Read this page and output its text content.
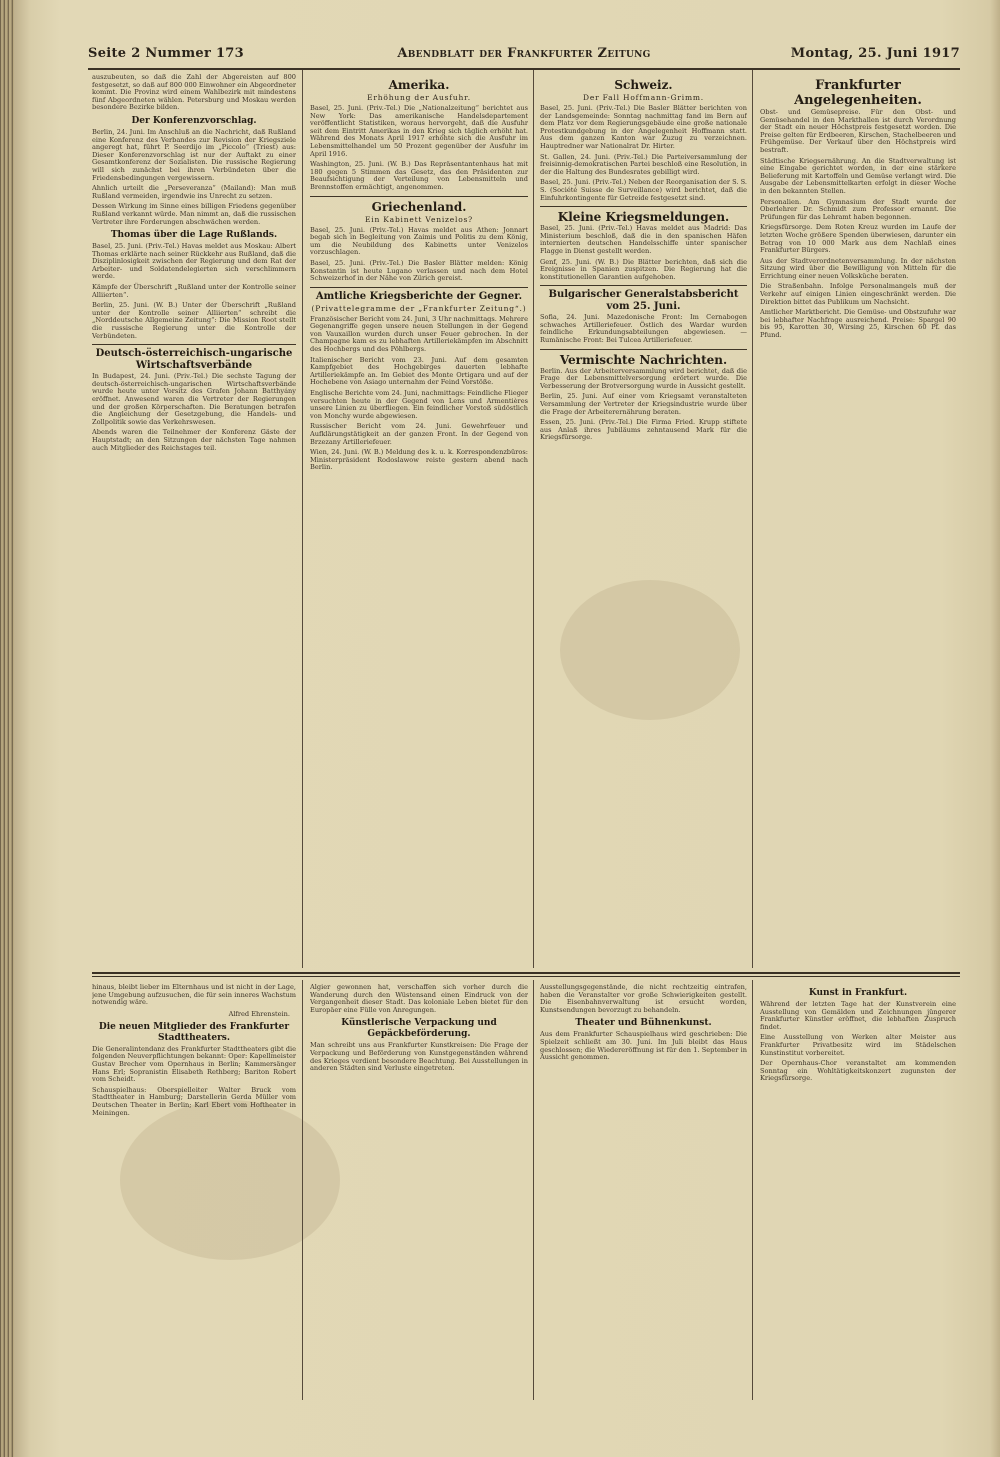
Seite 2 Nummer 173	Abendblatt der Frankfurter Zeitung	Montag, 25. Juni 1917

auszubeuten, so daß die Zahl der Abgereisten auf 800 festgesetzt, so daß auf 800 000 Einwohner ein Abgeordneter kommt. Die Provinz wird einem Wahlbezirk mit mindestens fünf Abgeordneten wählen. Petersburg und Moskau werden besondere Bezirke bilden.

Der Konferenzvorschlag.

Berlin, 24. Juni. Im Anschluß an die Nachricht, daß Rußland eine Konferenz des Verbandes zur Revision der Kriegsziele angeregt hat, führt P. Seerdijo im „Piccolo“ (Triest) aus: Dieser Konferenzvorschlag ist nur der Auftakt zu einer Gesamtkonferenz der Sozialisten. Die russische Regierung will sich zunächst bei ihren Verbündeten über die Friedensbedingungen vergewissern.

Ahnlich urteilt die „Perseveranza“ (Mailand): Man muß Rußland vermeiden, irgendwie ins Unrecht zu setzen.

Dessen Wirkung im Sinne eines billigen Friedens gegenüber Rußland verkannt würde. Man nimmt an, daß die russischen Vertreter ihre Forderungen abschwächen werden.

Thomas über die Lage Rußlands.

Basel, 25. Juni. (Priv.-Tel.) Havas meldet aus Moskau: Albert Thomas erklärte nach seiner Rückkehr aus Rußland, daß die Disziplinlosigkeit zwischen der Regierung und dem Rat der Arbeiter- und Soldatendelegierten sich verschlimmern werde.

Kämpfe der Überschrift „Rußland unter der Kontrolle seiner Alliierten“.

Berlin, 25. Juni. (W. B.) Unter der Überschrift „Rußland unter der Kontrolle seiner Alliierten“ schreibt die „Norddeutsche Allgemeine Zeitung“: Die Mission Root stellt die russische Regierung unter die Kontrolle der Verbündeten.

Deutsch-österreichisch-ungarische Wirtschaftsverbände

In Budapest, 24. Juni. (Priv.-Tel.) Die sechste Tagung der deutsch-österreichisch-ungarischen Wirtschaftsverbände wurde heute unter Vorsitz des Grafen Johann Batthyány eröffnet. Anwesend waren die Vertreter der Regierungen und der großen Körperschaften. Die Beratungen betrafen die Angleichung der Gesetzgebung, die Handels- und Zollpolitik sowie das Verkehrswesen.

Abends waren die Teilnehmer der Konferenz Gäste der Hauptstadt; an den Sitzungen der nächsten Tage nahmen auch Mitglieder des Reichstages teil.

Amerika.
Erhöhung der Ausfuhr.

Basel, 25. Juni. (Priv.-Tel.) Die „Nationalzeitung“ berichtet aus New York: Das amerikanische Handelsdepartement veröffentlicht Statistiken, woraus hervorgeht, daß die Ausfuhr seit dem Eintritt Amerikas in den Krieg sich täglich erhöht hat. Während des Monats April 1917 erhöhte sich die Ausfuhr im Lebensmittelhandel um 50 Prozent gegenüber der Ausfuhr im April 1916.

Washington, 25. Juni. (W. B.) Das Repräsentantenhaus hat mit 180 gegen 5 Stimmen das Gesetz, das den Präsidenten zur Beaufsichtigung der Verteilung von Lebensmitteln und Brennstoffen ermächtigt, angenommen.

Griechenland.
Ein Kabinett Venizelos?

Basel, 25. Juni. (Priv.-Tel.) Havas meldet aus Athen: Jonnart begab sich in Begleitung von Zaimis und Politis zu dem König, um die Neubildung des Kabinetts unter Venizelos vorzuschlagen.

Basel, 25. Juni. (Priv.-Tel.) Die Basler Blätter melden: König Konstantin ist heute Lugano verlassen und nach dem Hotel Schweizerhof in der Nähe von Zürich gereist.

Amtliche Kriegsberichte der Gegner.
(Privattelegramme der „Frankfurter Zeitung“.)

Französischer Bericht vom 24. Juni, 3 Uhr nachmittags. Mehrere Gegenangriffe gegen unsere neuen Stellungen in der Gegend von Vauxaillon wurden durch unser Feuer gebrochen. In der Champagne kam es zu lebhaften Artilleriekämpfen im Abschnitt des Hochbergs und des Pöhlbergs.

Italienischer Bericht vom 23. Juni. Auf dem gesamten Kampfgebiet des Hochgebirges dauerten lebhafte Artilleriekämpfe an. Im Gebiet des Monte Ortigara und auf der Hochebene von Asiago unternahm der Feind Vorstöße.

Englische Berichte vom 24. Juni, nachmittags: Feindliche Flieger versuchten heute in der Gegend von Lens und Armentières unsere Linien zu überfliegen. Ein feindlicher Vorstoß südöstlich von Monchy wurde abgewiesen.

Russischer Bericht vom 24. Juni. Gewehrfeuer und Aufklärungstätigkeit an der ganzen Front. In der Gegend von Brzezany Artilleriefeuer.

Wien, 24. Juni. (W. B.) Meldung des k. u. k. Korrespondenzbüros: Ministerpräsident Rodoslawow reiste gestern abend nach Berlin.

Schweiz.
Der Fall Hoffmann-Grimm.

Basel, 25. Juni. (Priv.-Tel.) Die Basler Blätter berichten von der Landsgemeinde: Sonntag nachmittag fand im Bern auf dem Platz vor dem Regierungsgebäude eine große nationale Protestkundgebung in der Angelegenheit Hoffmann statt. Aus dem ganzen Kanton war Zuzug zu verzeichnen. Hauptredner war Nationalrat Dr. Hirter.

St. Gallen, 24. Juni. (Priv.-Tel.) Die Parteiversammlung der freisinnig-demokratischen Partei beschloß eine Resolution, in der die Haltung des Bundesrates gebilligt wird.

Basel, 25. Juni. (Priv.-Tel.) Neben der Reorganisation der S. S. S. (Société Suisse de Surveillance) wird berichtet, daß die Einfuhrkontingente für Getreide festgesetzt sind.

Kleine Kriegsmeldungen.

Basel, 25. Juni. (Priv.-Tel.) Havas meldet aus Madrid: Das Ministerium beschloß, daß die in den spanischen Häfen internierten deutschen Handelsschiffe unter spanischer Flagge in Dienst gestellt werden.

Genf, 25. Juni. (W. B.) Die Blätter berichten, daß sich die Ereignisse in Spanien zuspitzen. Die Regierung hat die konstitutionellen Garantien aufgehoben.

Bulgarischer Generalstabsbericht vom 25. Juni.

Sofia, 24. Juni. Mazedonische Front: Im Cernabogen schwaches Artilleriefeuer. Östlich des Wardar wurden feindliche Erkundungsabteilungen abgewiesen. — Rumänische Front: Bei Tulcea Artilleriefeuer.

Vermischte Nachrichten.

Berlin. Aus der Arbeiterversammlung wird berichtet, daß die Frage der Lebensmittelversorgung erörtert wurde. Die Verbesserung der Brotversorgung wurde in Aussicht gestellt.

Berlin, 25. Juni. Auf einer vom Kriegsamt veranstalteten Versammlung der Vertreter der Kriegsindustrie wurde über die Frage der Arbeiterernährung beraten.

Essen, 25. Juni. (Priv.-Tel.) Die Firma Fried. Krupp stiftete aus Anlaß ihres Jubiläums zehntausend Mark für die Kriegsfürsorge.

Frankfurter Angelegenheiten.

Obst- und Gemüsepreise. Für den Obst- und Gemüsehandel in den Markthallen ist durch Verordnung der Stadt ein neuer Höchstpreis festgesetzt worden. Die Preise gelten für Erdbeeren, Kirschen, Stachelbeeren und Frühgemüse. Der Verkauf über den Höchstpreis wird bestraft.

Städtische Kriegsernährung. An die Stadtverwaltung ist eine Eingabe gerichtet worden, in der eine stärkere Belieferung mit Kartoffeln und Gemüse verlangt wird. Die Ausgabe der Lebensmittelkarten erfolgt in dieser Woche in den bekannten Stellen.

Personalien. Am Gymnasium der Stadt wurde der Oberlehrer Dr. Schmidt zum Professor ernannt. Die Prüfungen für das Lehramt haben begonnen.

Kriegsfürsorge. Dem Roten Kreuz wurden im Laufe der letzten Woche größere Spenden überwiesen, darunter ein Betrag von 10 000 Mark aus dem Nachlaß eines Frankfurter Bürgers.

Aus der Stadtverordnetenversammlung. In der nächsten Sitzung wird über die Bewilligung von Mitteln für die Errichtung einer neuen Volksküche beraten.

Die Straßenbahn. Infolge Personalmangels muß der Verkehr auf einigen Linien eingeschränkt werden. Die Direktion bittet das Publikum um Nachsicht.

Amtlicher Marktbericht. Die Gemüse- und Obstzufuhr war bei lebhafter Nachfrage ausreichend. Preise: Spargel 90 bis 95, Karotten 30, Wirsing 25, Kirschen 60 Pf. das Pfund.

hinaus, bleibt lieber im Elternhaus und ist nicht in der Lage, jene Umgebung aufzusuchen, die für sein inneres Wachstum notwendig wäre.

Alfred Ehrenstein.
Die neuen Mitglieder des Frankfurter Stadttheaters.

Die Generalintendanz des Frankfurter Stadttheaters gibt die folgenden Neuverpflichtungen bekannt: Oper: Kapellmeister Gustav Brecher vom Opernhaus in Berlin; Kammersänger Hans Erl; Sopranistin Elisabeth Rethberg; Bariton Robert vom Scheidt.

Schauspielhaus: Oberspielleiter Walter Bruck vom Stadttheater in Hamburg; Darstellerin Gerda Müller vom Deutschen Theater in Berlin; Karl Ebert vom Hoftheater in Meiningen.

Algier gewonnen hat, verschaffen sich vorher durch die Wanderung durch den Wüstensand einen Eindruck von der Vergangenheit dieser Stadt. Das koloniale Leben bietet für den Europäer eine Fülle von Anregungen.

Künstlerische Verpackung und Gepäckbeförderung.

Man schreibt uns aus Frankfurter Kunstkreisen: Die Frage der Verpackung und Beförderung von Kunstgegenständen während des Krieges verdient besondere Beachtung. Bei Ausstellungen in anderen Städten sind Verluste eingetreten.

Ausstellungsgegenstände, die nicht rechtzeitig eintrafen, haben die Veranstalter vor große Schwierigkeiten gestellt. Die Eisenbahnverwaltung ist ersucht worden, Kunstsendungen bevorzugt zu behandeln.

Theater und Bühnenkunst.

Aus dem Frankfurter Schauspielhaus wird geschrieben: Die Spielzeit schließt am 30. Juni. Im Juli bleibt das Haus geschlossen; die Wiedereröffnung ist für den 1. September in Aussicht genommen.

Kunst in Frankfurt.

Während der letzten Tage hat der Kunstverein eine Ausstellung von Gemälden und Zeichnungen jüngerer Frankfurter Künstler eröffnet, die lebhaften Zuspruch findet.

Eine Ausstellung von Werken alter Meister aus Frankfurter Privatbesitz wird im Städelschen Kunstinstitut vorbereitet.

Der Opernhaus-Chor veranstaltet am kommenden Sonntag ein Wohltätigkeitskonzert zugunsten der Kriegsfürsorge.
